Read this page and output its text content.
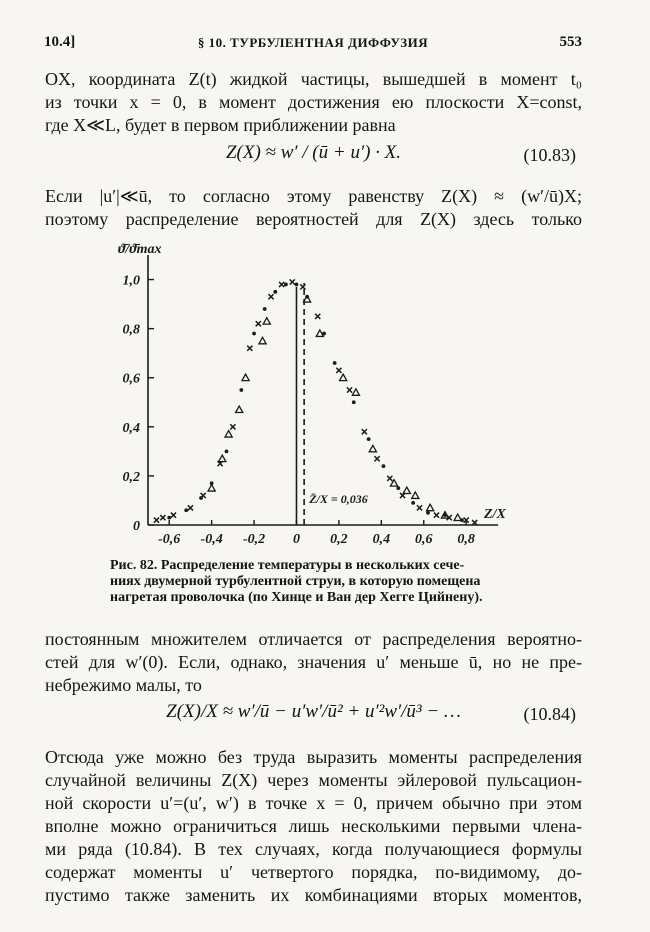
10.4]	§ 10. ТУРБУЛЕНТНАЯ ДИФФУЗИЯ	553

OX, координата Z(t) жидкой частицы, вышедшей в момент t₀

из точки x = 0, в момент достижения ею плоскости X=const,

где X≪L, будет в первом приближении равна

Z(X) ≈ w′ / (ū + u′) · X.	(10.83)

Если |u′|≪ū, то согласно этому равенству Z(X) ≈ (w′/ū)X;

поэтому распределение вероятностей для Z(X) здесь только

0
0,2
0,4
0,6
0,8
1,0
-0,6 -0,4 -0,2 0 0,2 0,4 0,6 0,8
ϑ̄/ϑ̄max
Z/X
Z̄/X = 0,036

Рис. 82. Распределение температуры в нескольких сече-

ниях двумерной турбулентной струи, в которую помещена

нагретая проволочка (по Хинце и Ван дер Хегге Цийнену).

постоянным множителем отличается от распределения вероятно-

стей для w′(0). Если, однако, значения u′ меньше ū, но не пре-

небрежимо малы, то

Z(X)/X ≈ w′/ū − u′w′/ū² + u′²w′/ū³ − …	(10.84)

Отсюда уже можно без труда выразить моменты распределения

случайной величины Z(X) через моменты эйлеровой пульсацион-

ной скорости u′=(u′, w′) в точке x = 0, причем обычно при этом

вполне можно ограничиться лишь несколькими первыми члена-

ми ряда (10.84). В тех случаях, когда получающиеся формулы

содержат моменты u′ четвертого порядка, по-видимому, до-

пустимо также заменить их комбинациями вторых моментов,
